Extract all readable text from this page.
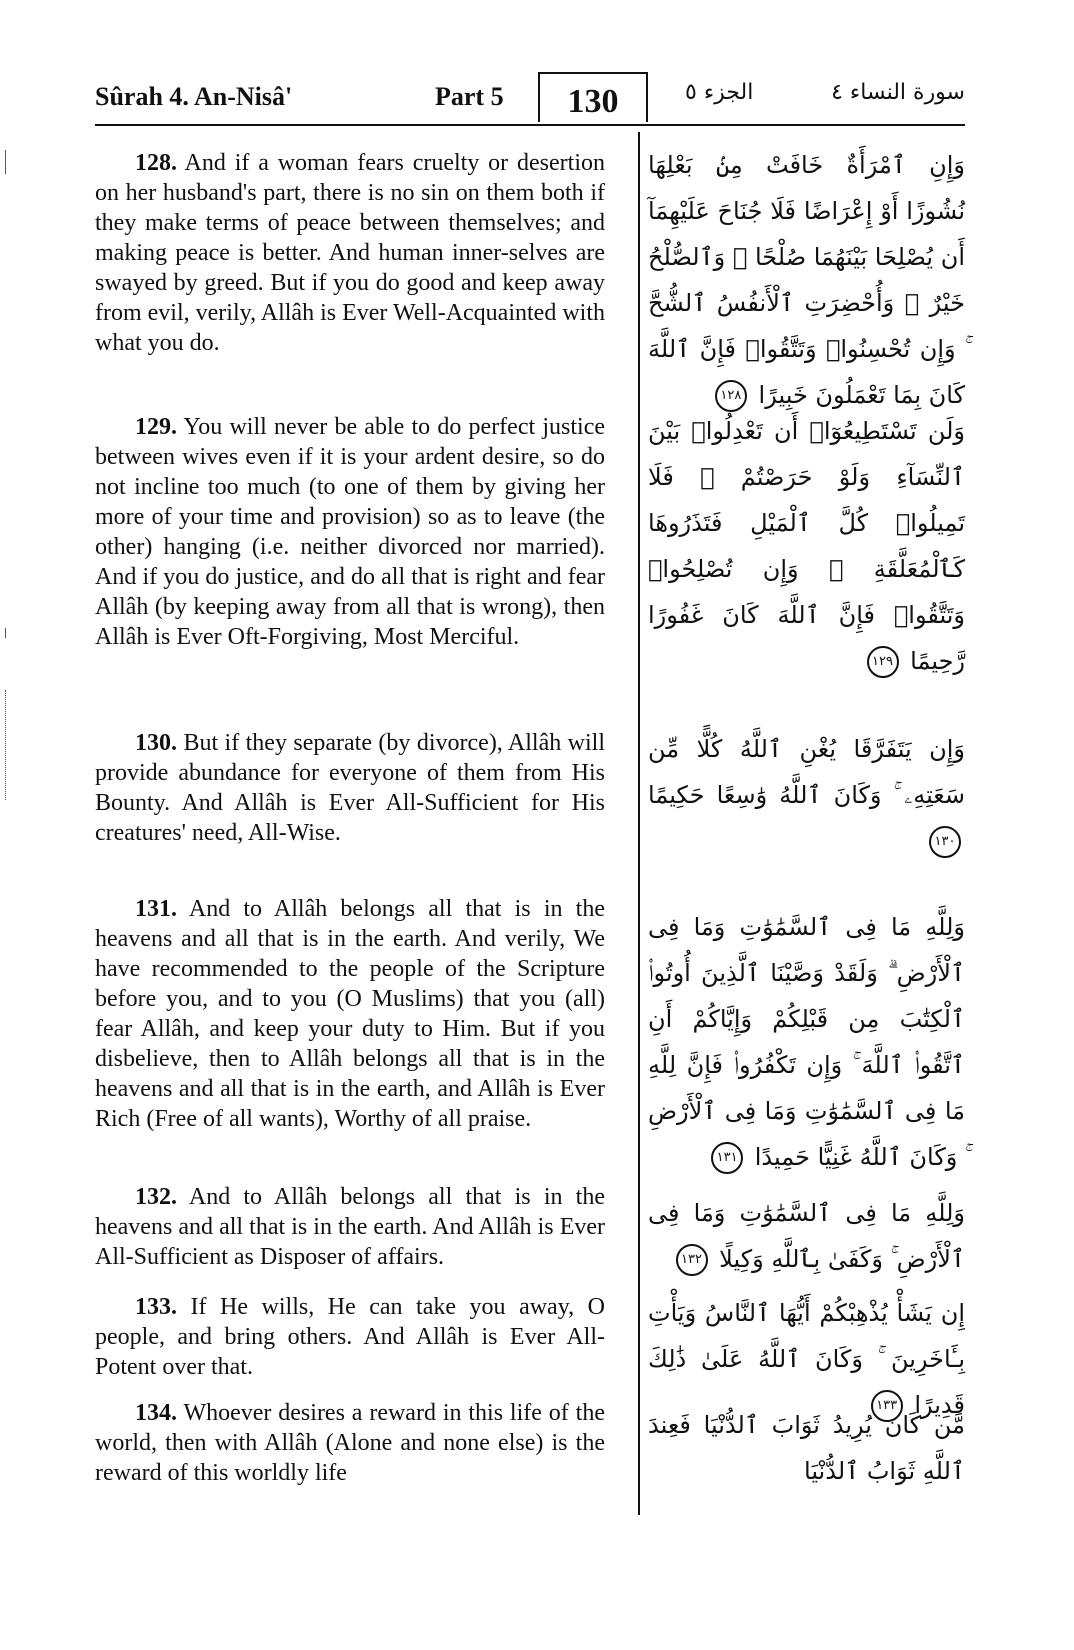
Sûrah 4. An-Nisâ'	Part 5	130	الجزء ٥	سورة النساء ٤
128. And if a woman fears cruelty or desertion on her husband's part, there is no sin on them both if they make terms of peace between themselves; and making peace is better. And human inner-selves are swayed by greed. But if you do good and keep away from evil, verily, Allâh is Ever Well-Acquainted with what you do.
وَإِنِ ٱمْرَأَةٌ خَافَتْ مِنۢ بَعْلِهَا نُشُوزًا أَوْ إِعْرَاضًا فَلَا جُنَاحَ عَلَيْهِمَآ أَن يُصْلِحَا بَيْنَهُمَا صُلْحًا ۚ وَٱلصُّلْحُ خَيْرٌ ۗ وَأُحْضِرَتِ ٱلْأَنفُسُ ٱلشُّحَّ ۚ وَإِن تُحْسِنُوا۟ وَتَتَّقُوا۟ فَإِنَّ ٱللَّهَ كَانَ بِمَا تَعْمَلُونَ خَبِيرًا ١٢٨
129. You will never be able to do perfect justice between wives even if it is your ardent desire, so do not incline too much (to one of them by giving her more of your time and provision) so as to leave (the other) hanging (i.e. neither divorced nor married). And if you do justice, and do all that is right and fear Allâh (by keeping away from all that is wrong), then Allâh is Ever Oft-Forgiving, Most Merciful.
وَلَن تَسْتَطِيعُوٓا۟ أَن تَعْدِلُوا۟ بَيْنَ ٱلنِّسَآءِ وَلَوْ حَرَصْتُمْ ۖ فَلَا تَمِيلُوا۟ كُلَّ ٱلْمَيْلِ فَتَذَرُوهَا كَٱلْمُعَلَّقَةِ ۚ وَإِن تُصْلِحُوا۟ وَتَتَّقُوا۟ فَإِنَّ ٱللَّهَ كَانَ غَفُورًا رَّحِيمًا ١٢٩
130. But if they separate (by divorce), Allâh will provide abundance for everyone of them from His Bounty. And Allâh is Ever All-Sufficient for His creatures' need, All-Wise.
وَإِن يَتَفَرَّقَا يُغْنِ ٱللَّهُ كُلًّا مِّن سَعَتِهِۦ ۚ وَكَانَ ٱللَّهُ وَٰسِعًا حَكِيمًا ١٣٠
131. And to Allâh belongs all that is in the heavens and all that is in the earth. And verily, We have recommended to the people of the Scripture before you, and to you (O Muslims) that you (all) fear Allâh, and keep your duty to Him. But if you disbelieve, then to Allâh belongs all that is in the heavens and all that is in the earth, and Allâh is Ever Rich (Free of all wants), Worthy of all praise.
وَلِلَّهِ مَا فِى ٱلسَّمَٰوَٰتِ وَمَا فِى ٱلْأَرْضِ ۗ وَلَقَدْ وَصَّيْنَا ٱلَّذِينَ أُوتُوا۟ ٱلْكِتَٰبَ مِن قَبْلِكُمْ وَإِيَّاكُمْ أَنِ ٱتَّقُوا۟ ٱللَّهَ ۚ وَإِن تَكْفُرُوا۟ فَإِنَّ لِلَّهِ مَا فِى ٱلسَّمَٰوَٰتِ وَمَا فِى ٱلْأَرْضِ ۚ وَكَانَ ٱللَّهُ غَنِيًّا حَمِيدًا ١٣١
132. And to Allâh belongs all that is in the heavens and all that is in the earth. And Allâh is Ever All-Sufficient as Disposer of affairs.
وَلِلَّهِ مَا فِى ٱلسَّمَٰوَٰتِ وَمَا فِى ٱلْأَرْضِ ۚ وَكَفَىٰ بِٱللَّهِ وَكِيلًا ١٣٢
133. If He wills, He can take you away, O people, and bring others. And Allâh is Ever All-Potent over that.
إِن يَشَأْ يُذْهِبْكُمْ أَيُّهَا ٱلنَّاسُ وَيَأْتِ بِـَٔاخَرِينَ ۚ وَكَانَ ٱللَّهُ عَلَىٰ ذَٰلِكَ قَدِيرًا ١٣٣
134. Whoever desires a reward in this life of the world, then with Allâh (Alone and none else) is the reward of this worldly life
مَّن كَانَ يُرِيدُ ثَوَابَ ٱلدُّنْيَا فَعِندَ ٱللَّهِ ثَوَابُ ٱلدُّنْيَا
